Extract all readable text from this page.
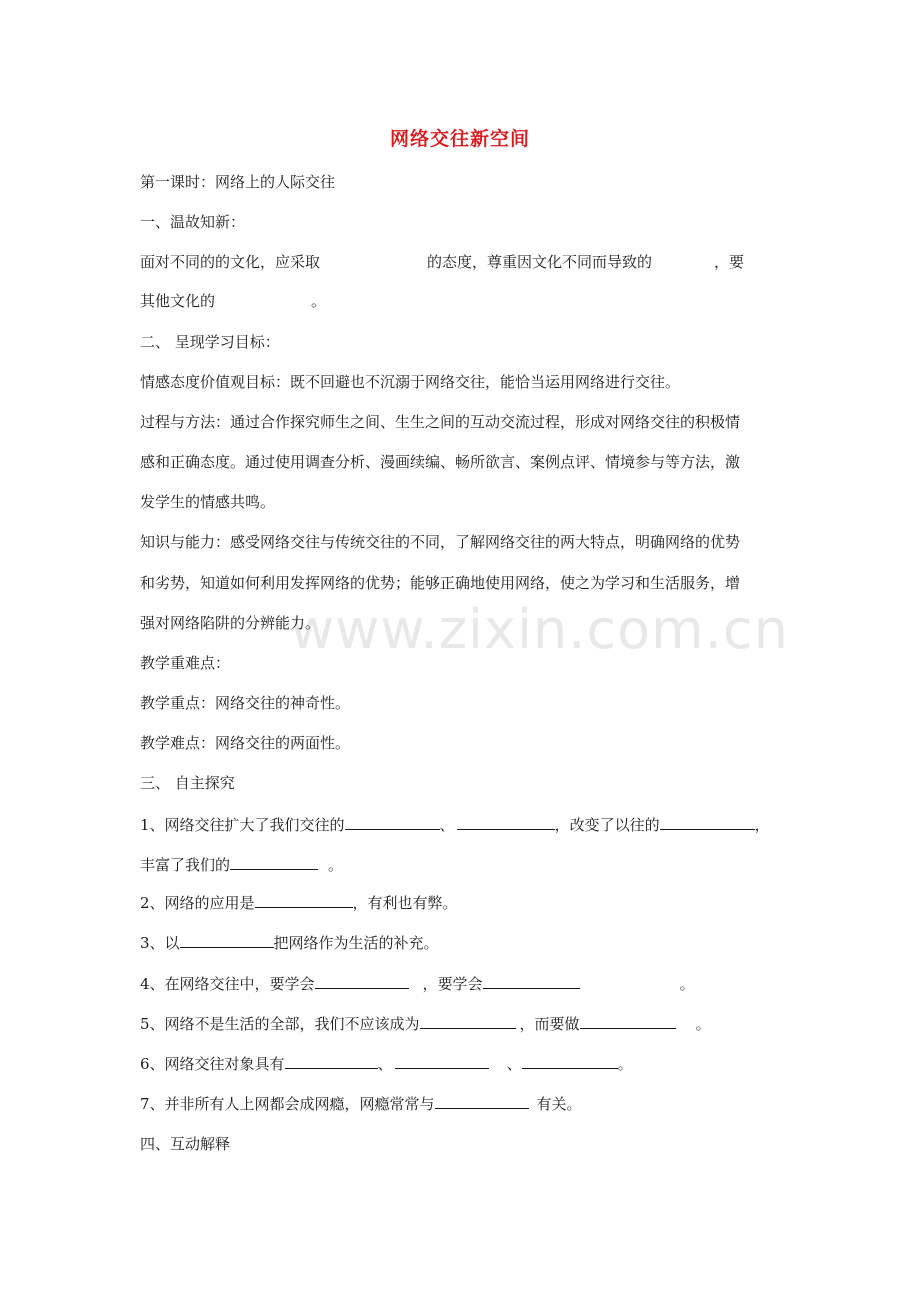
www.zixin.com.cn
网络交往新空间
第一课时：网络上的人际交往
一、温故知新：
面对不同的的文化，应采取	的态度，尊重因文化不同而导致的	，要
其他文化的	。
二、 呈现学习目标：
情感态度价值观目标：既不回避也不沉溺于网络交往，能恰当运用网络进行交往。
过程与方法：通过合作探究师生之间、生生之间的互动交流过程，形成对网络交往的积极情
感和正确态度。通过使用调查分析、漫画续编、畅所欲言、案例点评、情境参与等方法，激
发学生的情感共鸣。
知识与能力：感受网络交往与传统交往的不同，了解网络交往的两大特点，明确网络的优势
和劣势，知道如何利用发挥网络的优势；能够正确地使用网络，使之为学习和生活服务，增
强对网络陷阱的分辨能力。
教学重难点：
教学重点：网络交往的神奇性。
教学难点：网络交往的两面性。
三、 自主探究
1、网络交往扩大了我们交往的	、	，改变了以往的	，
丰富了我们的	。
2、网络的应用是	，有利也有弊。
3、以	把网络作为生活的补充。
4、在网络交往中，要学会	，要学会	。
5、网络不是生活的全部，我们不应该成为	，而要做	。
6、网络交往对象具有	、	、	。
7、并非所有人上网都会成网瘾，网瘾常常与	有关。
四、互动解释
